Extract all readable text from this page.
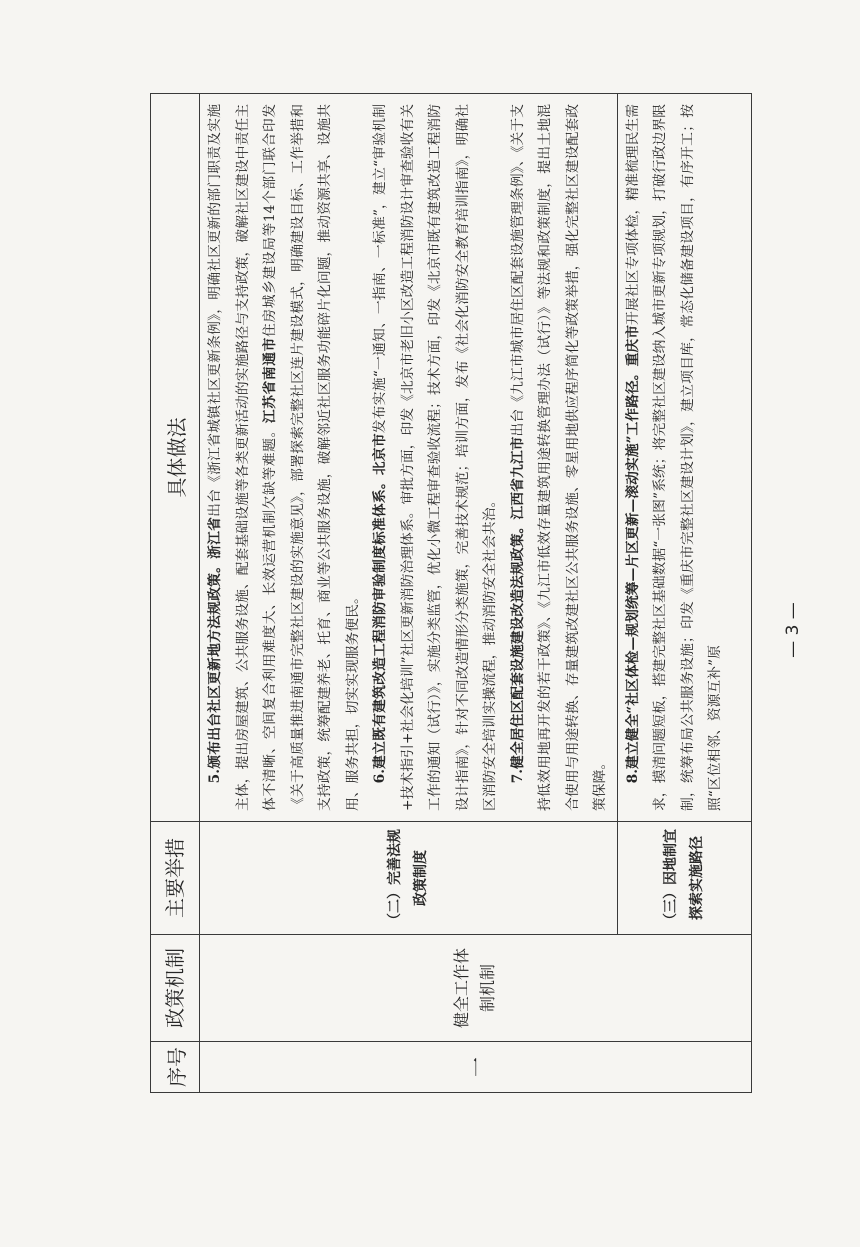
序号	政策机制	主要举措	具体做法
一	健全工作体制机制	（二）完善法规政策制度	5.颁布出台社区更新地方法规政策。浙江省出台《浙江省城镇社区更新条例》，明确社区更新的部门职责及实施主体，提出房屋建筑、公共服务设施、配套基础设施等各类更新活动的实施路径与支持政策，破解社区建设中责任主体不清晰、空间复合利用难度大、长效运营机制欠缺等难题。江苏省南通市住房城乡建设局等14个部门联合印发《关于高质量推进南通市完整社区建设的实施意见》，部署探索完整社区连片建设模式，明确建设目标、工作举措和支持政策，统筹配建养老、托育、商业等公共服务设施，破解邻近社区服务功能碎片化问题，推动资源共享、设施共用、服务共担，切实实现服务便民。 6.建立既有建筑改造工程消防审验制度标准体系。北京市发布实施“一通知、一指南、一标准”，建立“审验机制+技术指引+社会化培训”社区更新消防治理体系。审批方面，印发《北京市老旧小区改造工程消防设计审查验收有关工作的通知（试行）》，实施分类监管，优化小微工程审查验收流程；技术方面，印发《北京市既有建筑改造工程消防设计指南》，针对不同改造情形分类施策，完善技术规范；培训方面，发布《社会化消防安全教育培训指南》，明确社区消防安全培训实操流程，推动消防安全社会共治。 7.健全居住区配套设施建设改造法规政策。江西省九江市出台《九江市城市居住区配套设施管理条例》、《关于支持低效用地再开发的若干政策》、《九江市低效存量建筑用途转换管理办法（试行）》等法规和政策制度，提出土地混合使用与用途转换、存量建筑改建社区公共服务设施、零星用地供应程序简化等政策举措，强化完整社区建设配套政策保障。

		（三）因地制宜探索实施路径	8.建立健全“社区体检—规划统筹—片区更新—滚动实施”工作路径。重庆市开展社区专项体检，精准梳理民生需求，摸清问题短板，搭建完整社区基础数据“一张图”系统；将完整社区建设纳入城市更新专项规划，打破行政边界限制，统筹布局公共服务设施；印发《重庆市完整社区建设计划》，建立项目库，常态化储备建设项目，有序开工；按照“区位相邻、资源互补”原

— 3 —
